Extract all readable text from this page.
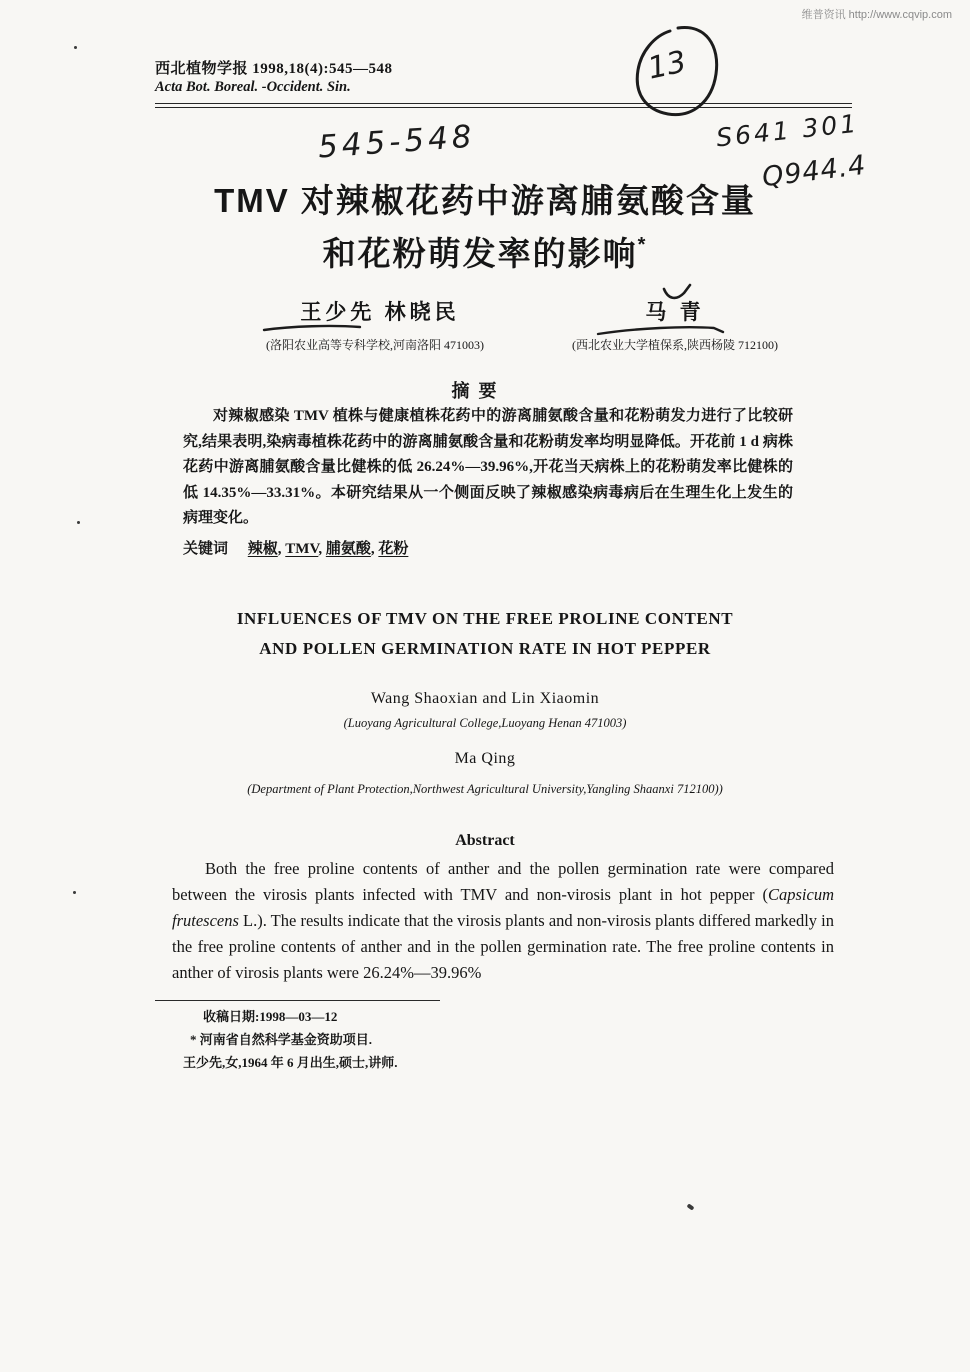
维普资讯 http://www.cqvip.com
西北植物学报 1998,18(4):545—548
Acta Bot. Boreal. -Occident. Sin.
13
545-548	S641 301
Q944.4
TMV 对辣椒花药中游离脯氨酸含量
和花粉萌发率的影响*
王少先 林晓民
(洛阳农业高等专科学校,河南洛阳 471003)
马 青
(西北农业大学植保系,陕西杨陵 712100)
摘 要
对辣椒感染 TMV 植株与健康植株花药中的游离脯氨酸含量和花粉萌发力进行了比较研究,结果表明,染病毒植株花药中的游离脯氨酸含量和花粉萌发率均明显降低。开花前 1 d 病株花药中游离脯氨酸含量比健株的低 26.24%—39.96%,开花当天病株上的花粉萌发率比健株的低 14.35%—33.31%。本研究结果从一个侧面反映了辣椒感染病毒病后在生理生化上发生的病理变化。
关键词 辣椒, TMV, 脯氨酸, 花粉
INFLUENCES OF TMV ON THE FREE PROLINE CONTENT
AND POLLEN GERMINATION RATE IN HOT PEPPER
Wang Shaoxian and Lin Xiaomin
(Luoyang Agricultural College,Luoyang Henan 471003)
Ma Qing
(Department of Plant Protection,Northwest Agricultural University,Yangling Shaanxi 712100))
Abstract
Both the free proline contents of anther and the pollen germination rate were compared between the virosis plants infected with TMV and non-virosis plant in hot pepper (Capsicum frutescens L.). The results indicate that the virosis plants and non-virosis plants differed markedly in the free proline contents of anther and in the pollen germination rate. The free proline contents in anther of virosis plants were 26.24%—39.96%
收稿日期:1998—03—12
* 河南省自然科学基金资助项目.
王少先,女,1964 年 6 月出生,硕士,讲师.
